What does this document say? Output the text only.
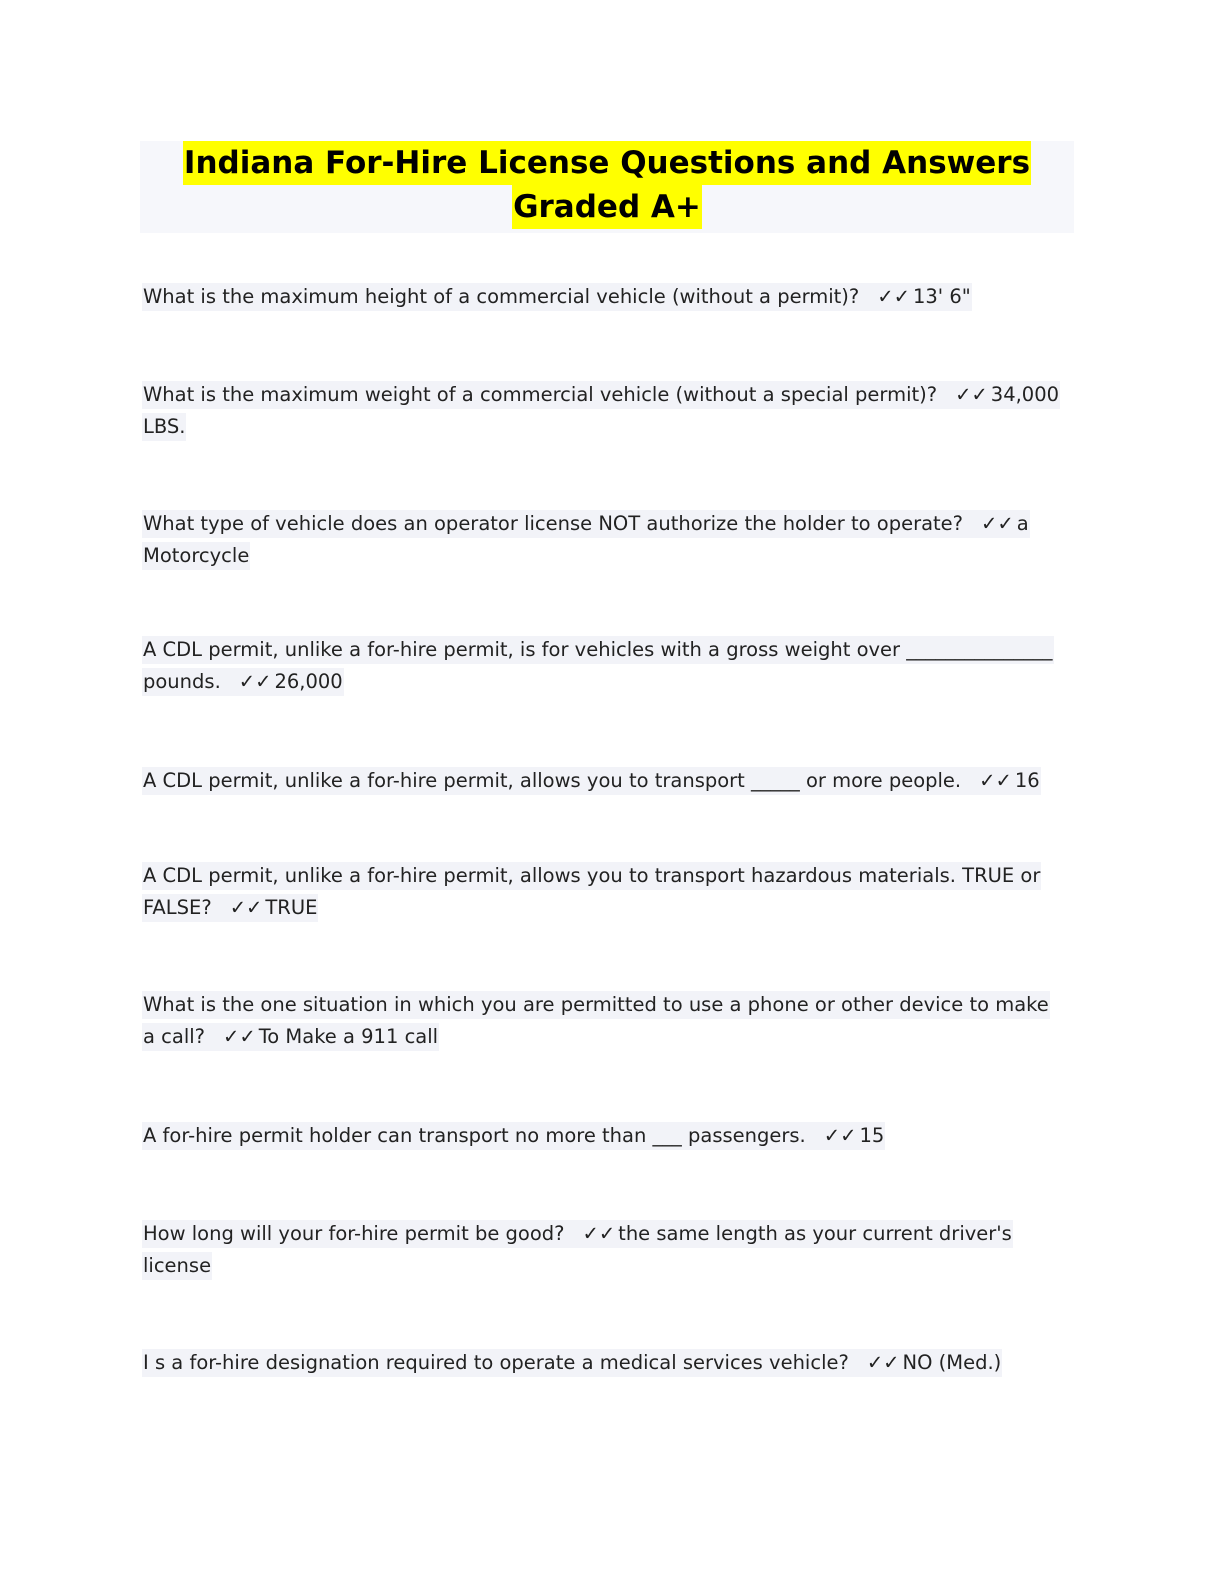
Indiana For-Hire License Questions and Answers
Graded A+
What is the maximum height of a commercial vehicle (without a permit)? ✓✓ 13' 6"
What is the maximum weight of a commercial vehicle (without a special permit)? ✓✓ 34,000 LBS.
What type of vehicle does an operator license NOT authorize the holder to operate? ✓✓ a Motorcycle
A CDL permit, unlike a for-hire permit, is for vehicles with a gross weight over _______________ pounds. ✓✓ 26,000
A CDL permit, unlike a for-hire permit, allows you to transport _____ or more people. ✓✓ 16
A CDL permit, unlike a for-hire permit, allows you to transport hazardous materials. TRUE or FALSE? ✓✓ TRUE
What is the one situation in which you are permitted to use a phone or other device to make a call? ✓✓ To Make a 911 call
A for-hire permit holder can transport no more than ___ passengers. ✓✓ 15
How long will your for-hire permit be good? ✓✓ the same length as your current driver's license
I s a for-hire designation required to operate a medical services vehicle? ✓✓ NO (Med.)
